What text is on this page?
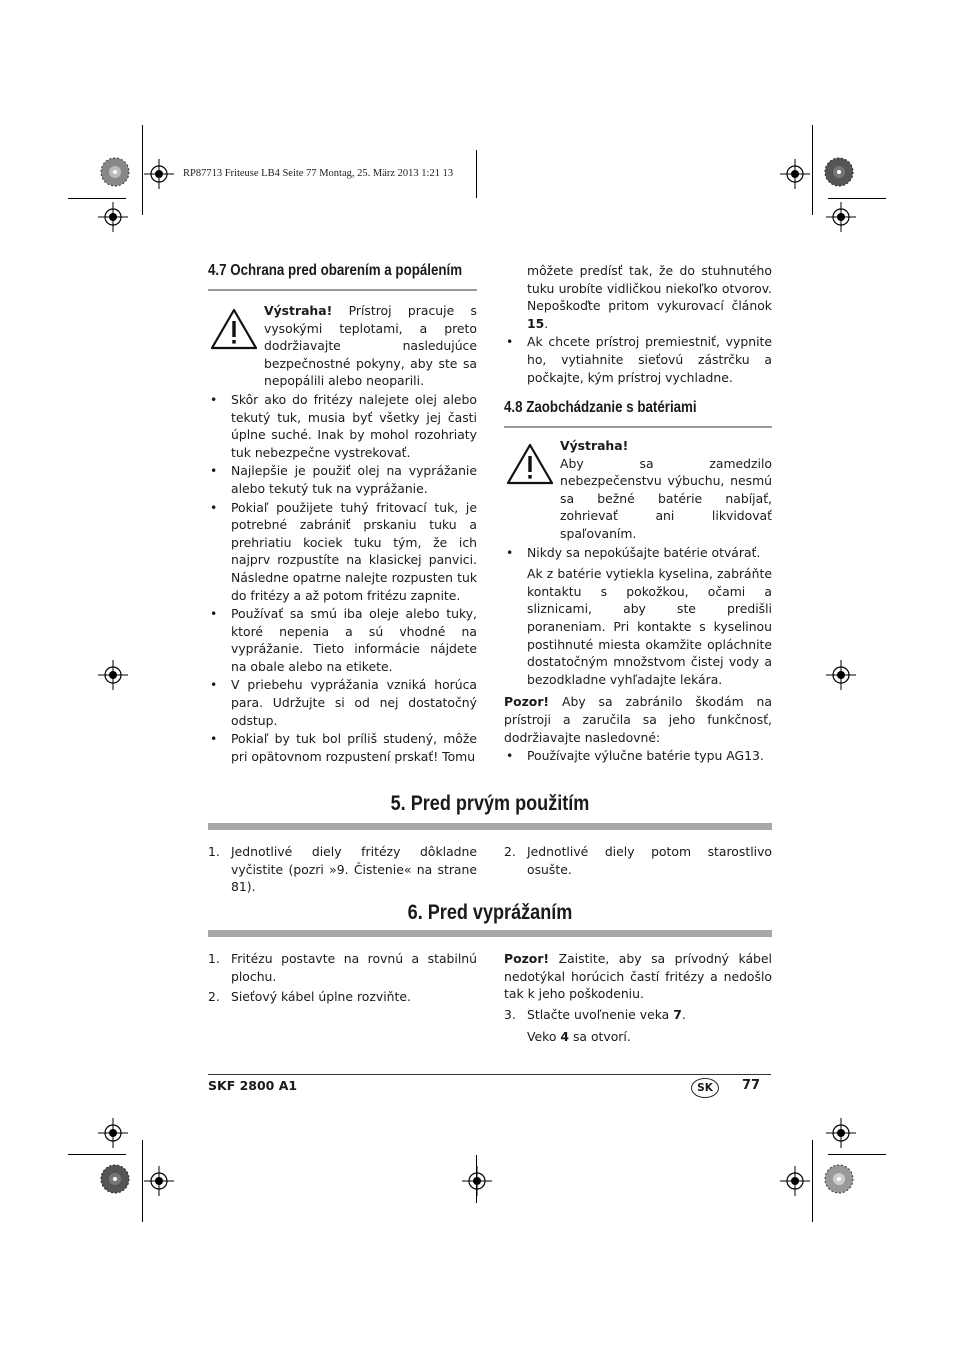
RP87713 Friteuse LB4 Seite 77 Montag, 25. März 2013 1:21 13
4.7 Ochrana pred obarením a popálením

Výstraha! Prístroj pracuje s vysokými teplotami, a preto dodržiavajte nasledujúce bezpečnostné pokyny, aby ste sa nepopálili alebo neoparili.

• Skôr ako do fritézy nalejete olej alebo tekutý tuk, musia byť všetky jej časti úplne suché. Inak by mohol rozohriaty tuk nebezpečne vystrekovať.

• Najlepšie je použiť olej na vyprážanie alebo tekutý tuk na vyprážanie.

• Pokiaľ použijete tuhý fritovací tuk, je potrebné zabrániť prskaniu tuku a prehriatiu kociek tuku tým, že ich najprv rozpustíte na klasickej panvici. Následne opatrne nalejte rozpusten tuk do fritézy a až potom fritézu zapnite.

• Používať sa smú iba oleje alebo tuky, ktoré nepenia a sú vhodné na vyprážanie. Tieto informácie nájdete na obale alebo na etikete.

• V priebehu vyprážania vzniká horúca para. Udržujte si od nej dostatočný odstup.

• Pokiaľ by tuk bol príliš studený, môže pri opätovnom rozpustení prskať! Tomu

môžete predísť tak, že do stuhnutého tuku urobíte vidličkou niekoľko otvorov. Nepoškoďte pritom vykurovací článok 15.

• Ak chcete prístroj premiestniť, vypnite ho, vytiahnite sieťovú zástrčku a počkajte, kým prístroj vychladne.

4.8 Zaobchádzanie s batériami

Výstraha!

Aby sa zamedzilo nebezpečenstvu výbuchu, nesmú sa bežné batérie nabíjať, zohrievať ani likvidovať spaľovaním.

• Nikdy sa nepokúšajte batérie otvárať.

Ak z batérie vytiekla kyselina, zabráňte kontaktu s pokožkou, očami a sliznicami, aby ste predišli poraneniam. Pri kontakte s kyselinou postihnuté miesta okamžite opláchnite dostatočným množstvom čistej vody a bezodkladne vyhľadajte lekára.

Pozor! Aby sa zabránilo škodám na prístroji a zaručila sa jeho funkčnosť, dodržiavajte nasledovné:

• Používajte výlučne batérie typu AG13.

5. Pred prvým použitím

1. Jednotlivé diely fritézy dôkladne vyčistite (pozri »9. Čistenie« na strane 81).

2. Jednotlivé diely potom starostlivo osušte.

6. Pred vyprážaním

1. Fritézu postavte na rovnú a stabilnú plochu.

2. Sieťový kábel úplne rozviňte.

Pozor! Zaistite, aby sa prívodný kábel nedotýkal horúcich častí fritézy a nedošlo tak k jeho poškodeniu.

3. Stlačte uvoľnenie veka 7.

Veko 4 sa otvorí.

SKF 2800 A1	SK	77
